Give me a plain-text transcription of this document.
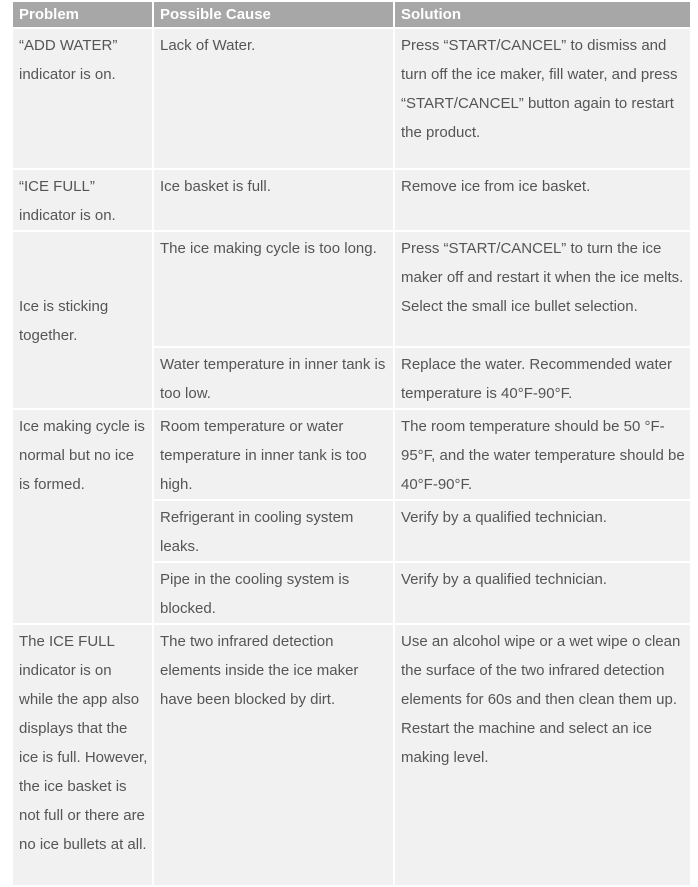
Problem	Possible Cause	Solution
“ADD WATER” indicator is on.	Lack of Water.	Press “START/CANCEL” to dismiss and turn off the ice maker, fill water, and press “START/CANCEL” button again to restart the product.
“ICE FULL” indicator is on.	Ice basket is full.	Remove ice from ice basket.
Ice is sticking together.	The ice making cycle is too long.	Press “START/CANCEL” to turn the ice maker off and restart it when the ice melts. Select the small ice bullet selection.
	Water temperature in inner tank is too low.	Replace the water. Recommended water temperature is 40°F-90°F.
Ice making cycle is normal but no ice is formed.	Room temperature or water temperature in inner tank is too high.	The room temperature should be 50 °F-95°F, and the water temperature should be 40°F-90°F.
	Refrigerant in cooling system leaks.	Verify by a qualified technician.
	Pipe in the cooling system is blocked.	Verify by a qualified technician.
The ICE FULL indicator is on while the app also displays that the ice is full. However, the ice basket is not full or there are no ice bullets at all.	The two infrared detection elements inside the ice maker have been blocked by dirt.	Use an alcohol wipe or a wet wipe o clean the surface of the two infrared detection elements for 60s and then clean them up. Restart the machine and select an ice making level.
